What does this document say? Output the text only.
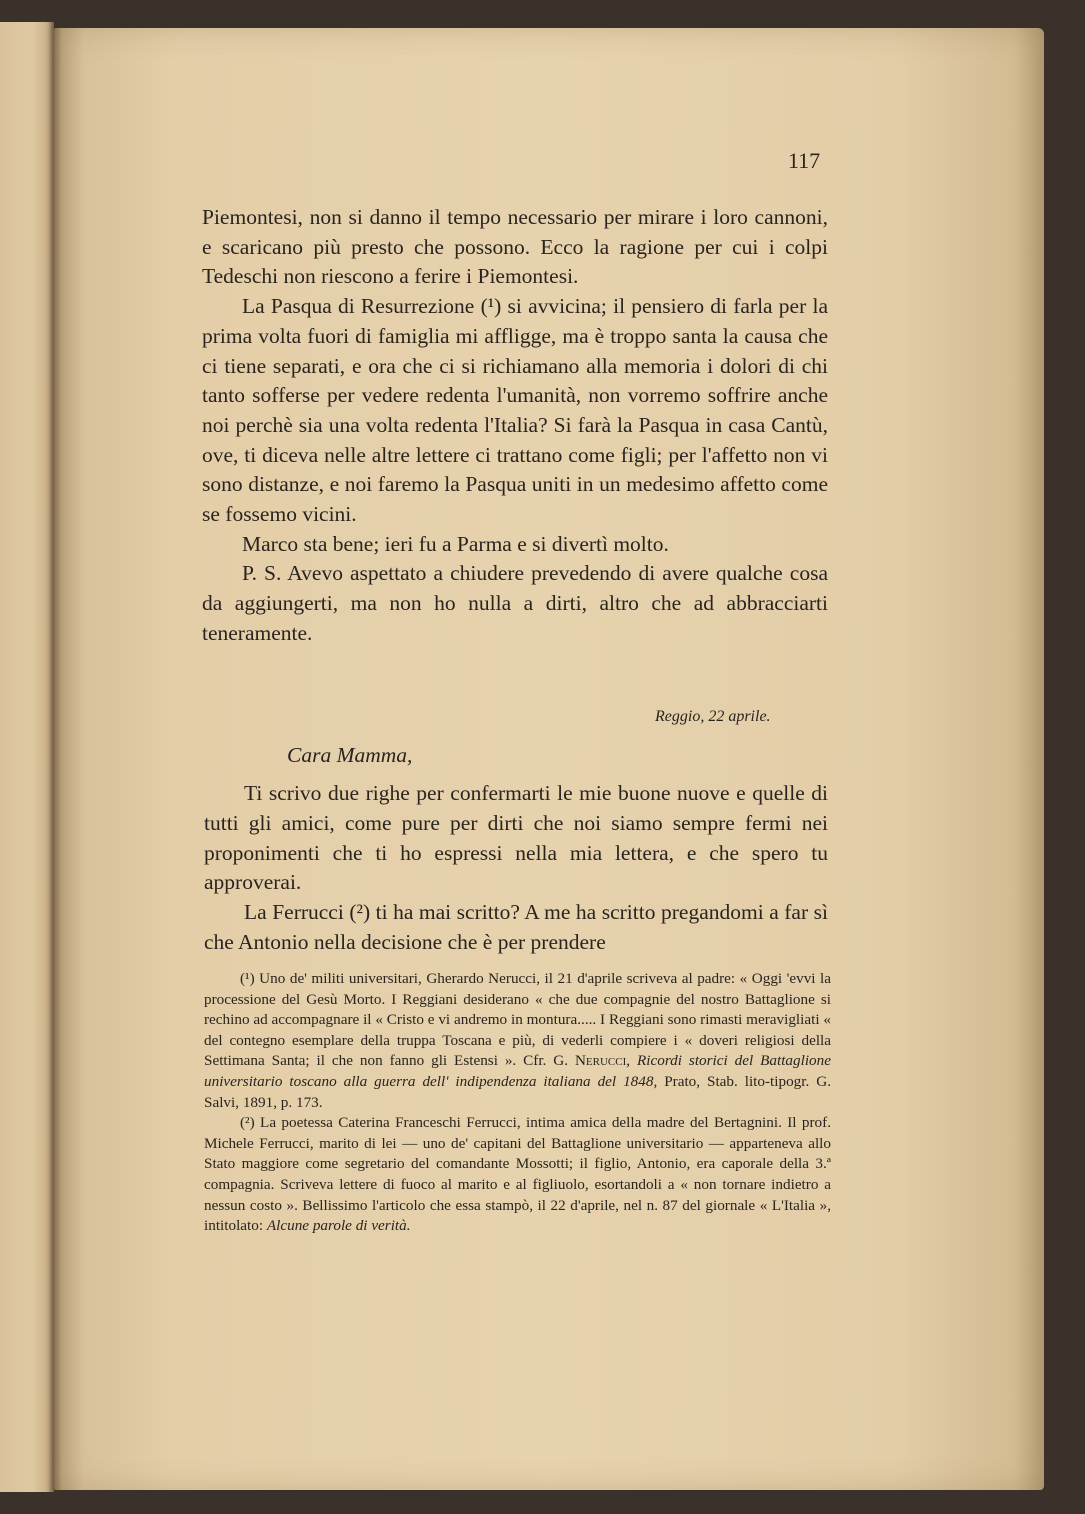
117

Piemontesi, non si danno il tempo necessario per mirare i loro cannoni, e scaricano più presto che possono. Ecco la ragione per cui i colpi Tedeschi non riescono a ferire i Piemontesi.

La Pasqua di Resurrezione (¹) si avvicina; il pensiero di farla per la prima volta fuori di famiglia mi affligge, ma è troppo santa la causa che ci tiene separati, e ora che ci si richiamano alla memoria i dolori di chi tanto sofferse per vedere redenta l'umanità, non vorremo soffrire anche noi perchè sia una volta redenta l'Italia? Si farà la Pasqua in casa Cantù, ove, ti diceva nelle altre lettere ci trattano come figli; per l'affetto non vi sono distanze, e noi faremo la Pasqua uniti in un medesimo affetto come se fossemo vicini.

Marco sta bene; ieri fu a Parma e si divertì molto.

P. S. Avevo aspettato a chiudere prevedendo di avere qualche cosa da aggiungerti, ma non ho nulla a dirti, altro che ad abbracciarti teneramente.

Reggio, 22 aprile.
Cara Mamma,

Ti scrivo due righe per confermarti le mie buone nuove e quelle di tutti gli amici, come pure per dirti che noi siamo sempre fermi nei proponimenti che ti ho espressi nella mia lettera, e che spero tu approverai.

La Ferrucci (²) ti ha mai scritto? A me ha scritto pregandomi a far sì che Antonio nella decisione che è per prendere

(¹) Uno de' militi universitari, Gherardo Nerucci, il 21 d'aprile scriveva al padre: « Oggi 'evvi la processione del Gesù Morto. I Reggiani desiderano « che due compagnie del nostro Battaglione si rechino ad accompagnare il « Cristo e vi andremo in montura..... I Reggiani sono rimasti meravigliati « del contegno esemplare della truppa Toscana e più, di vederli compiere i « doveri religiosi della Settimana Santa; il che non fanno gli Estensi ». Cfr. G. Nerucci, Ricordi storici del Battaglione universitario toscano alla guerra dell' indipendenza italiana del 1848, Prato, Stab. lito-tipogr. G. Salvi, 1891, p. 173.

(²) La poetessa Caterina Franceschi Ferrucci, intima amica della madre del Bertagnini. Il prof. Michele Ferrucci, marito di lei — uno de' capitani del Battaglione universitario — apparteneva allo Stato maggiore come segretario del comandante Mossotti; il figlio, Antonio, era caporale della 3.ª compagnia. Scriveva lettere di fuoco al marito e al figliuolo, esortandoli a « non tornare indietro a nessun costo ». Bellissimo l'articolo che essa stampò, il 22 d'aprile, nel n. 87 del giornale « L'Italia », intitolato: Alcune parole di verità.
